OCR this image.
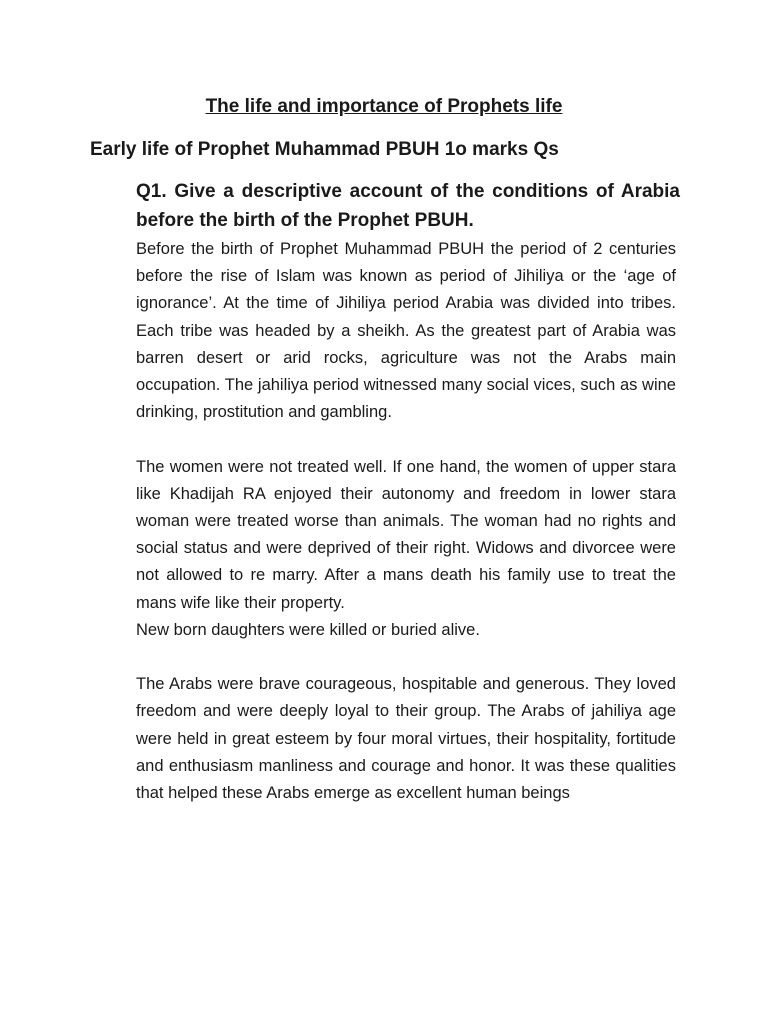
The life and importance of Prophets life
Early life of Prophet Muhammad PBUH 1o marks Qs
Q1. Give a descriptive account of the conditions of Arabia before the birth of the Prophet PBUH.

Before the birth of Prophet Muhammad PBUH the period of 2 centuries before the rise of Islam was known as period of Jihiliya or the ‘age of ignorance’. At the time of Jihiliya period Arabia was divided into tribes. Each tribe was headed by a sheikh. As the greatest part of Arabia was barren desert or arid rocks, agriculture was not the Arabs main occupation. The jahiliya period witnessed many social vices, such as wine drinking, prostitution and gambling.

The women were not treated well. If one hand, the women of upper stara like Khadijah RA enjoyed their autonomy and freedom in lower stara woman were treated worse than animals. The woman had no rights and social status and were deprived of their right. Widows and divorcee were not allowed to re marry. After a mans death his family use to treat the mans wife like their property.

New born daughters were killed or buried alive.

The Arabs were brave courageous, hospitable and generous. They loved freedom and were deeply loyal to their group. The Arabs of jahiliya age were held in great esteem by four moral virtues, their hospitality, fortitude and enthusiasm manliness and courage and honor. It was these qualities that helped these Arabs emerge as excellent human beings
